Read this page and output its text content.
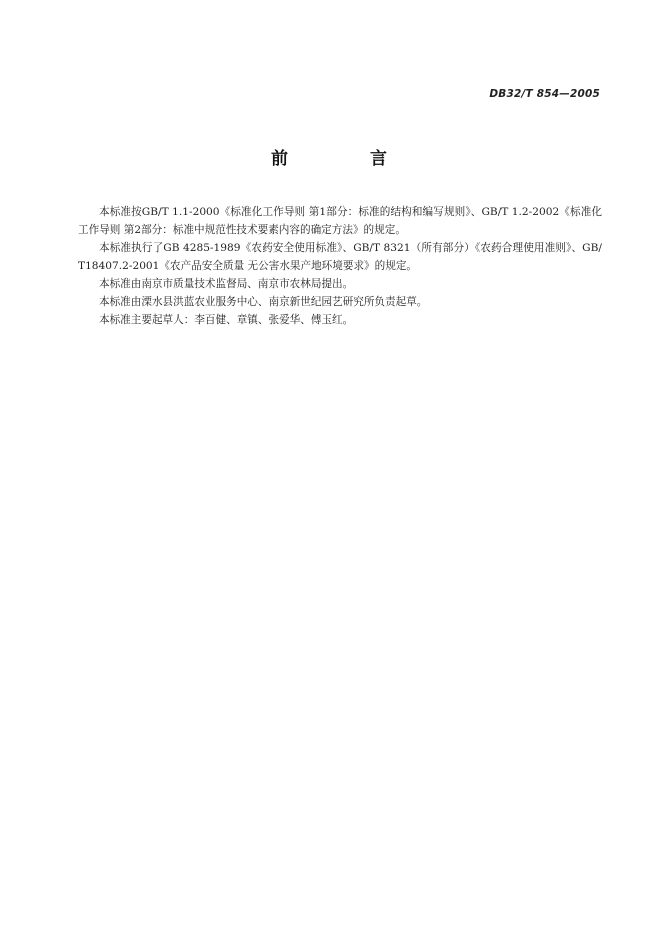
DB32/T 854—2005
前 言

本标准按GB/T 1.1-2000《标准化工作导则 第1部分：标准的结构和编写规则》、GB/T 1.2-2002《标准化工作导则 第2部分：标准中规范性技术要素内容的确定方法》的规定。

本标准执行了GB 4285-1989《农药安全使用标准》、GB/T 8321（所有部分）《农药合理使用准则》、GB/T18407.2-2001《农产品安全质量 无公害水果产地环境要求》的规定。

本标准由南京市质量技术监督局、南京市农林局提出。

本标准由溧水县洪蓝农业服务中心、南京新世纪园艺研究所负责起草。

本标准主要起草人：李百健、章镇、张爱华、傅玉红。
